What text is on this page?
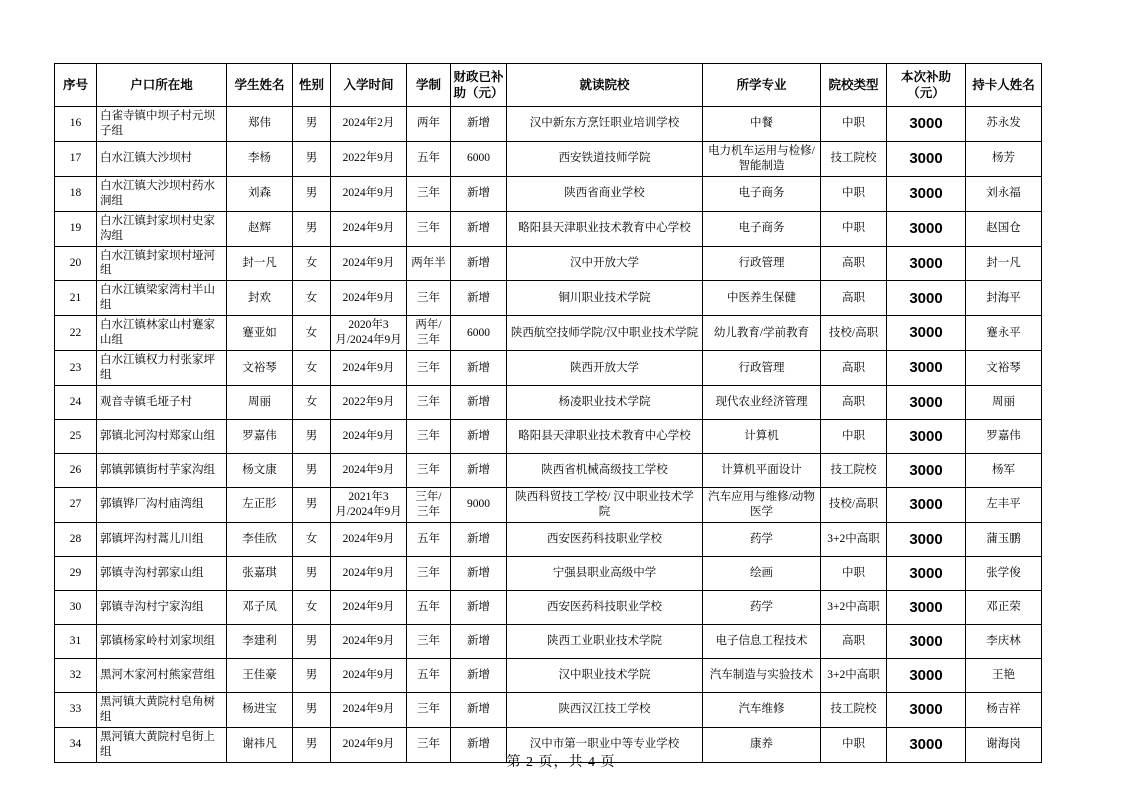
序号	户口所在地	学生姓名	性别	入学时间	学制	财政已补助（元）	就读院校	所学专业	院校类型	本次补助（元）	持卡人姓名
16	白雀寺镇中坝子村元坝子组	郑伟	男	2024年2月	两年	新增	汉中新东方烹饪职业培训学校	中餐	中职	3000	苏永发
17	白水江镇大沙坝村	李杨	男	2022年9月	五年	6000	西安铁道技师学院	电力机车运用与检修/智能制造	技工院校	3000	杨芳
18	白水江镇大沙坝村药水洞组	刘森	男	2024年9月	三年	新增	陕西省商业学校	电子商务	中职	3000	刘永福
19	白水江镇封家坝村史家沟组	赵辉	男	2024年9月	三年	新增	略阳县天津职业技术教育中心学校	电子商务	中职	3000	赵国仓
20	白水江镇封家坝村垭河组	封一凡	女	2024年9月	两年半	新增	汉中开放大学	行政管理	高职	3000	封一凡
21	白水江镇梁家湾村半山组	封欢	女	2024年9月	三年	新增	铜川职业技术学院	中医养生保健	高职	3000	封海平
22	白水江镇林家山村蹇家山组	蹇亚如	女	2020年3月/2024年9月	两年/三年	6000	陕西航空技师学院/汉中职业技术学院	幼儿教育/学前教育	技校/高职	3000	蹇永平
23	白水江镇权力村张家坪组	文裕琴	女	2024年9月	三年	新增	陕西开放大学	行政管理	高职	3000	文裕琴
24	观音寺镇毛垭子村	周丽	女	2022年9月	三年	新增	杨凌职业技术学院	现代农业经济管理	高职	3000	周丽
25	郭镇北河沟村郑家山组	罗嘉伟	男	2024年9月	三年	新增	略阳县天津职业技术教育中心学校	计算机	中职	3000	罗嘉伟
26	郭镇郭镇街村芋家沟组	杨文康	男	2024年9月	三年	新增	陕西省机械高级技工学校	计算机平面设计	技工院校	3000	杨军
27	郭镇铧厂沟村庙湾组	左正肜	男	2021年3月/2024年9月	三年/三年	9000	陕西科贸技工学校/ 汉中职业技术学院	汽车应用与维修/动物医学	技校/高职	3000	左丰平
28	郭镇坪沟村蒿儿川组	李佳欣	女	2024年9月	五年	新增	西安医药科技职业学校	药学	3+2中高职	3000	蒲玉鹏
29	郭镇寺沟村郭家山组	张嘉琪	男	2024年9月	三年	新增	宁强县职业高级中学	绘画	中职	3000	张学俊
30	郭镇寺沟村宁家沟组	邓子凤	女	2024年9月	五年	新增	西安医药科技职业学校	药学	3+2中高职	3000	邓正荣
31	郭镇杨家岭村刘家坝组	李建利	男	2024年9月	三年	新增	陕西工业职业技术学院	电子信息工程技术	高职	3000	李庆林
32	黑河木家河村熊家营组	王佳豪	男	2024年9月	五年	新增	汉中职业技术学院	汽车制造与实验技术	3+2中高职	3000	王艳
33	黑河镇大黄院村皂角树组	杨进宝	男	2024年9月	三年	新增	陕西汉江技工学校	汽车维修	技工院校	3000	杨吉祥
34	黑河镇大黄院村皂街上组	谢祎凡	男	2024年9月	三年	新增	汉中市第一职业中等专业学校	康养	中职	3000	谢海岗
第 2 页，共 4 页
